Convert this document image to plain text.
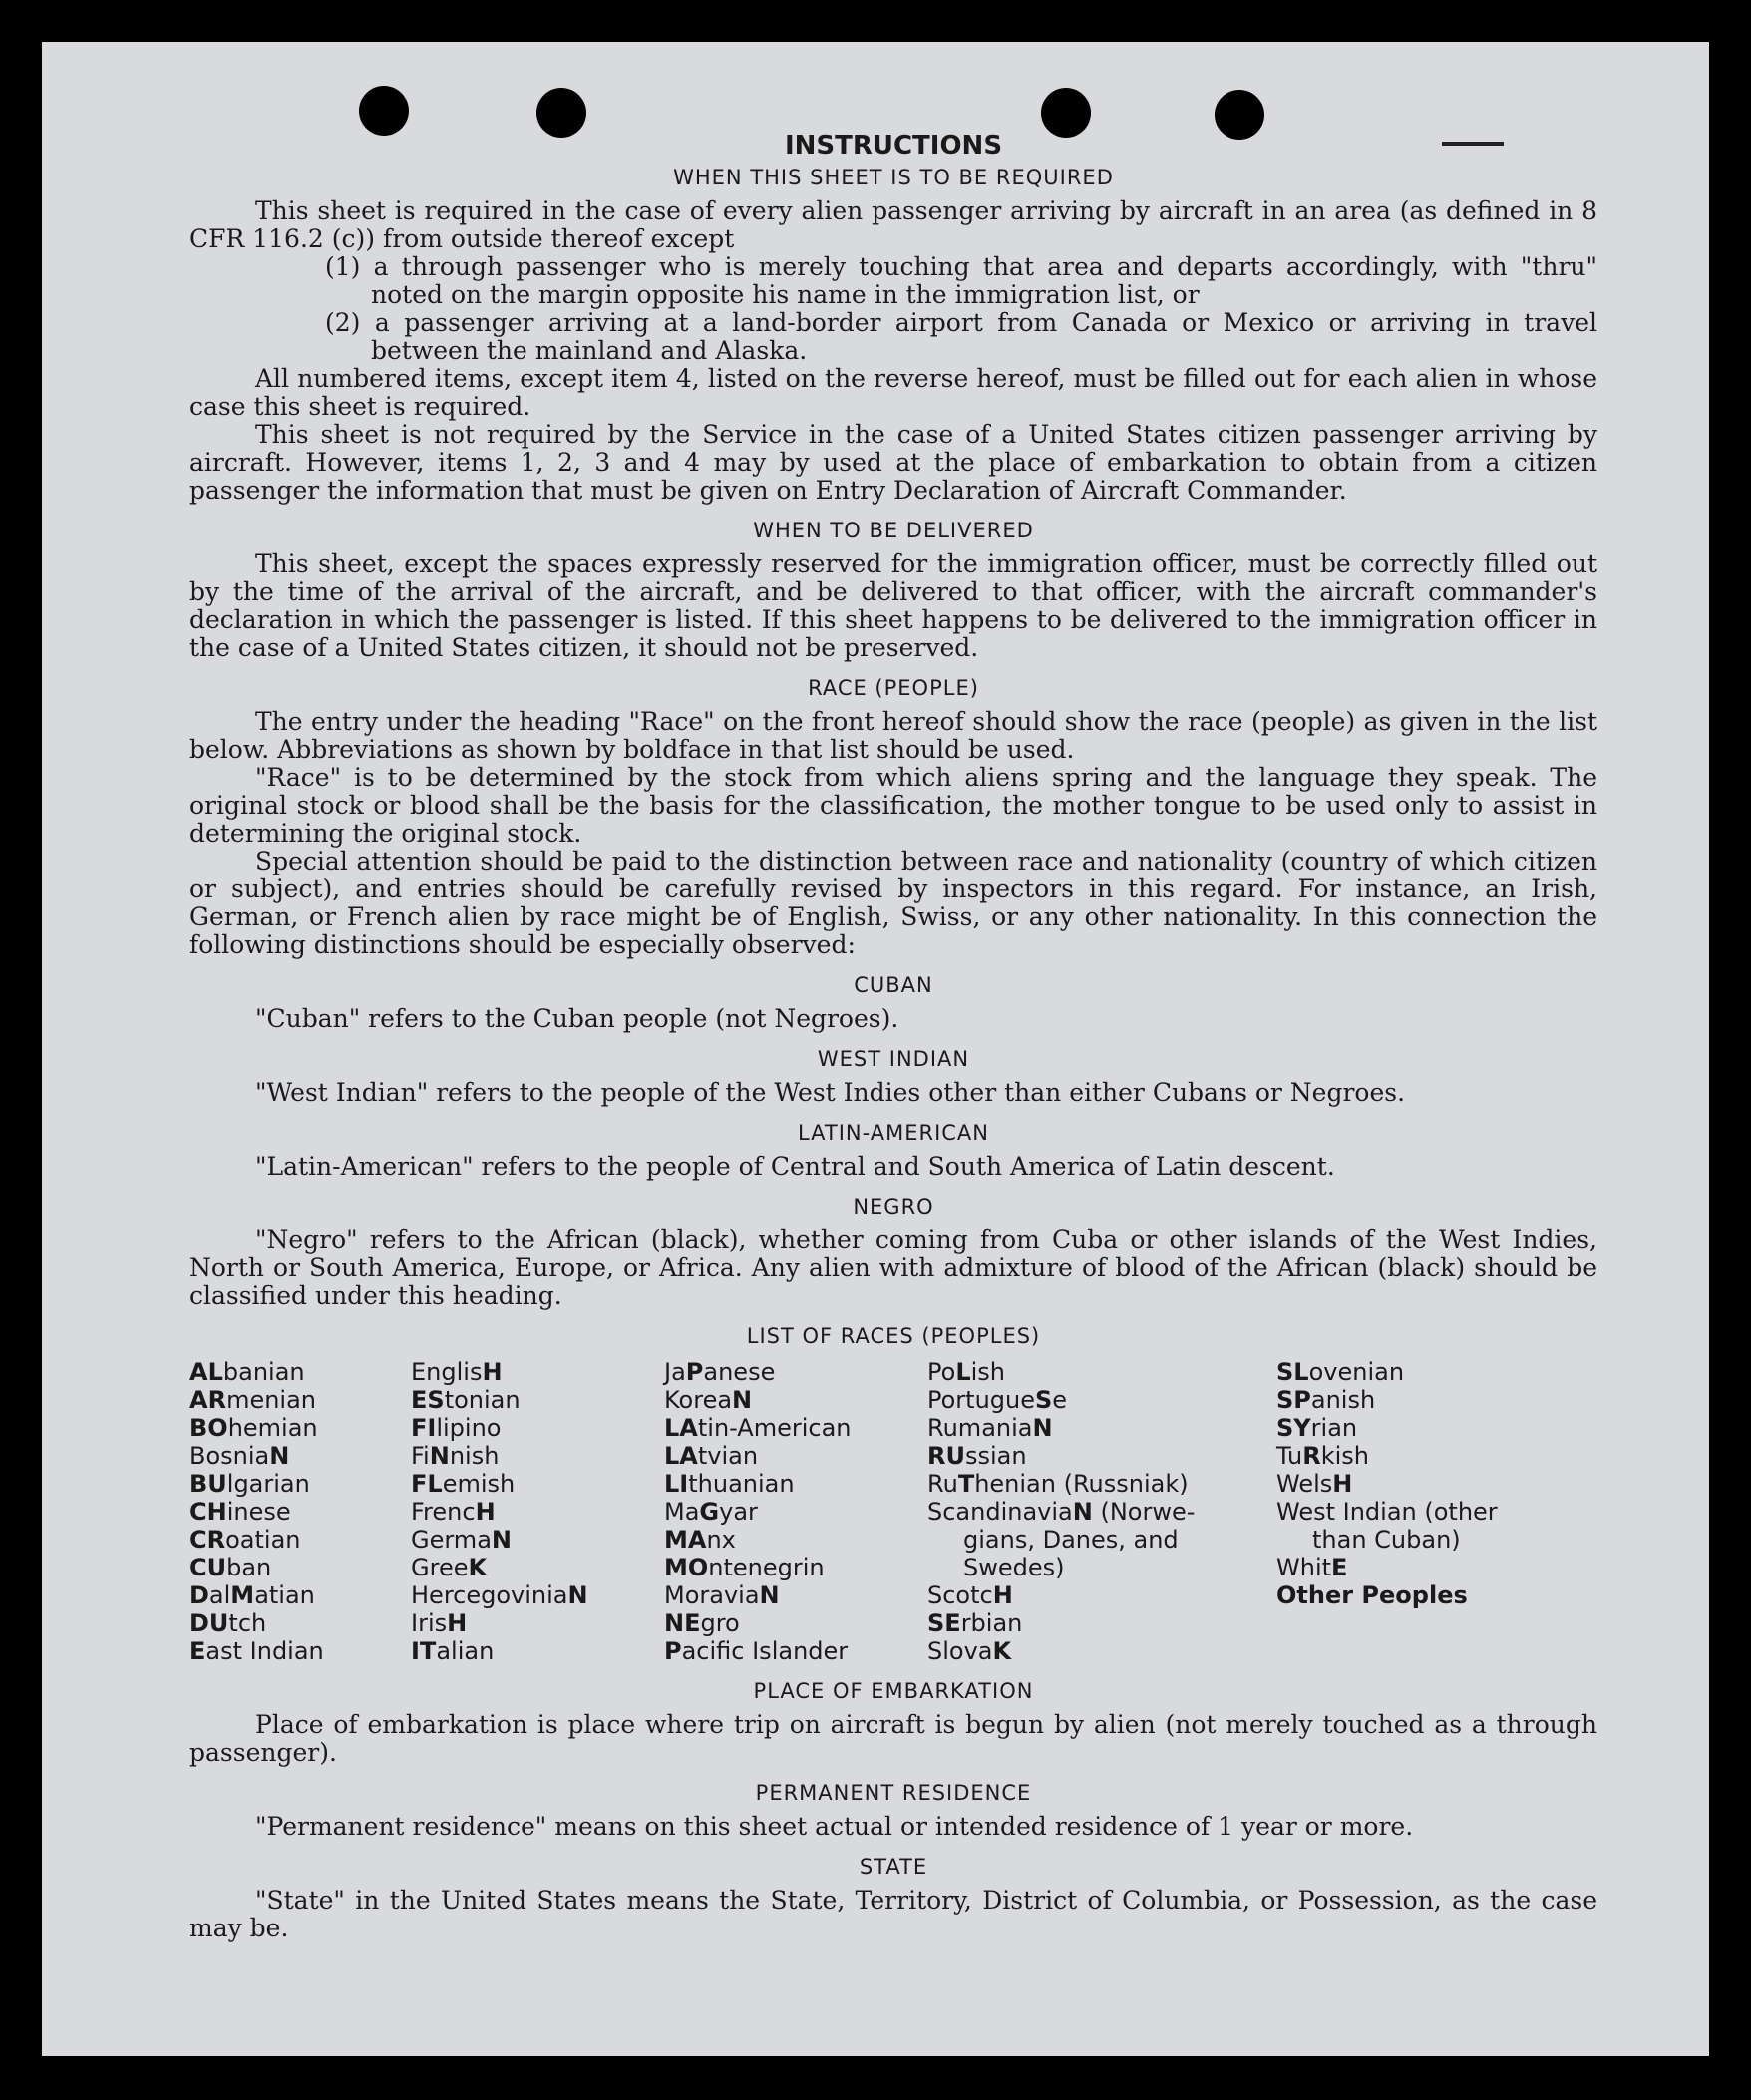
INSTRUCTIONS
WHEN THIS SHEET IS TO BE REQUIRED

This sheet is required in the case of every alien passenger arriving by aircraft in an area (as defined in 8 CFR 116.2 (c)) from outside thereof except

(1) a through passenger who is merely touching that area and departs accordingly, with "thru" noted on the margin opposite his name in the immigration list, or
(2) a passenger arriving at a land-border airport from Canada or Mexico or arriving in travel between the mainland and Alaska.

All numbered items, except item 4, listed on the reverse hereof, must be filled out for each alien in whose case this sheet is required.

This sheet is not required by the Service in the case of a United States citizen passenger arriving by aircraft. However, items 1, 2, 3 and 4 may by used at the place of embarkation to obtain from a citizen passenger the information that must be given on Entry Declaration of Aircraft Commander.

WHEN TO BE DELIVERED

This sheet, except the spaces expressly reserved for the immigration officer, must be correctly filled out by the time of the arrival of the aircraft, and be delivered to that officer, with the aircraft commander's declaration in which the passenger is listed. If this sheet happens to be delivered to the immigration officer in the case of a United States citizen, it should not be preserved.

RACE (PEOPLE)

The entry under the heading "Race" on the front hereof should show the race (people) as given in the list below. Abbreviations as shown by boldface in that list should be used.

"Race" is to be determined by the stock from which aliens spring and the language they speak. The original stock or blood shall be the basis for the classification, the mother tongue to be used only to assist in determining the original stock.

Special attention should be paid to the distinction between race and nationality (country of which citizen or subject), and entries should be carefully revised by inspectors in this regard. For instance, an Irish, German, or French alien by race might be of English, Swiss, or any other nationality. In this connection the following distinctions should be especially observed:

CUBAN

"Cuban" refers to the Cuban people (not Negroes).

WEST INDIAN

"West Indian" refers to the people of the West Indies other than either Cubans or Negroes.

LATIN-AMERICAN

"Latin-American" refers to the people of Central and South America of Latin descent.

NEGRO

"Negro" refers to the African (black), whether coming from Cuba or other islands of the West Indies, North or South America, Europe, or Africa. Any alien with admixture of blood of the African (black) should be classified under this heading.

LIST OF RACES (PEOPLES)
ALbanian
ARmenian
BOhemian
BosniaN
BUlgarian
CHinese
CRoatian
CUban
DalMatian
DUtch
East Indian
EnglisH
EStonian
FIlipino
FiNnish
FLemish
FrencH
GermaN
GreeK
HercegoviniaN
IrisH
ITalian
JaPanese
KoreaN
LAtin-American
LAtvian
LIthuanian
MaGyar
MAnx
MOntenegrin
MoraviaN
NEgro
Pacific Islander
PoLish
PortugueSe
RumaniaN
RUssian
RuThenian (Russniak)
ScandinaviaN (Norwe-
gians, Danes, and
Swedes)
ScotcH
SErbian
SlovaK
SLovenian
SPanish
SYrian
TuRkish
WelsH
West Indian (other
than Cuban)
WhitE
Other Peoples
PLACE OF EMBARKATION

Place of embarkation is place where trip on aircraft is begun by alien (not merely touched as a through passenger).

PERMANENT RESIDENCE

"Permanent residence" means on this sheet actual or intended residence of 1 year or more.

STATE

"State" in the United States means the State, Territory, District of Columbia, or Possession, as the case may be.
